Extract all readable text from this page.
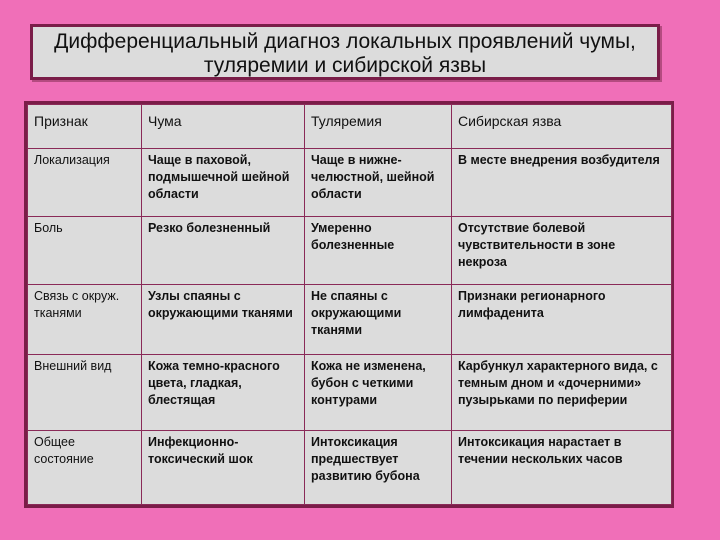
Дифференциальный диагноз локальных проявлений чумы, туляремии и сибирской язвы
Признак	Чума	Туляремия	Сибирская язва
Локализация	Чаще в паховой, подмышечной шейной области	Чаще в нижне-челюстной, шейной области	В месте внедрения возбудителя
Боль	Резко болезненный	Умеренно болезненные	Отсутствие болевой чувствительности в зоне некроза
Связь с окруж. тканями	Узлы спаяны с окружающими тканями	Не спаяны с окружающими тканями	Признаки регионарного лимфаденита
Внешний вид	Кожа темно-красного цвета, гладкая, блестящая	Кожа не изменена, бубон с четкими контурами	Карбункул характерного вида, с темным дном и «дочерними» пузырьками по периферии
Общее состояние	Инфекционно-токсический шок	Интоксикация предшествует развитию бубона	Интоксикация нарастает в течении нескольких часов
